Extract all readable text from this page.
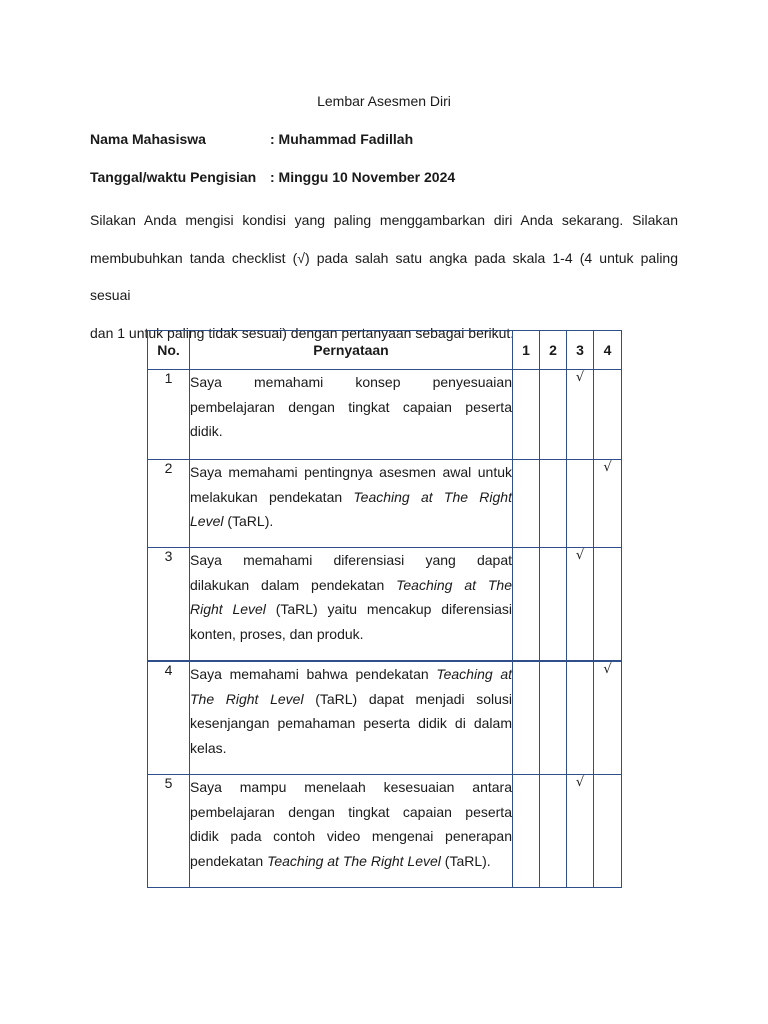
Lembar Asesmen Diri
Nama Mahasiswa	: Muhammad Fadillah
Tanggal/waktu Pengisian : Minggu 10 November 2024
Silakan Anda mengisi kondisi yang paling menggambarkan diri Anda sekarang. Silakan
membubuhkan tanda checklist (√) pada salah satu angka pada skala 1-4 (4 untuk paling sesuai
dan 1 untuk paling tidak sesuai) dengan pertanyaan sebagai berikut.
No.	Pernyataan	1	2	3	4
1	Saya memahami konsep penyesuaian
pembelajaran dengan tingkat capaian peserta
didik.			√	
2	Saya memahami pentingnya asesmen awal untuk
melakukan pendekatan Teaching at The Right
Level (TaRL).				√
3	Saya memahami diferensiasi yang dapat
dilakukan dalam pendekatan Teaching at The
Right Level (TaRL) yaitu mencakup diferensiasi
konten, proses, dan produk.			√	
4	Saya memahami bahwa pendekatan Teaching at
The Right Level (TaRL) dapat menjadi solusi
kesenjangan pemahaman peserta didik di dalam
kelas.				√
5	Saya mampu menelaah kesesuaian antara
pembelajaran dengan tingkat capaian peserta
didik pada contoh video mengenai penerapan
pendekatan Teaching at The Right Level (TaRL).			√	
